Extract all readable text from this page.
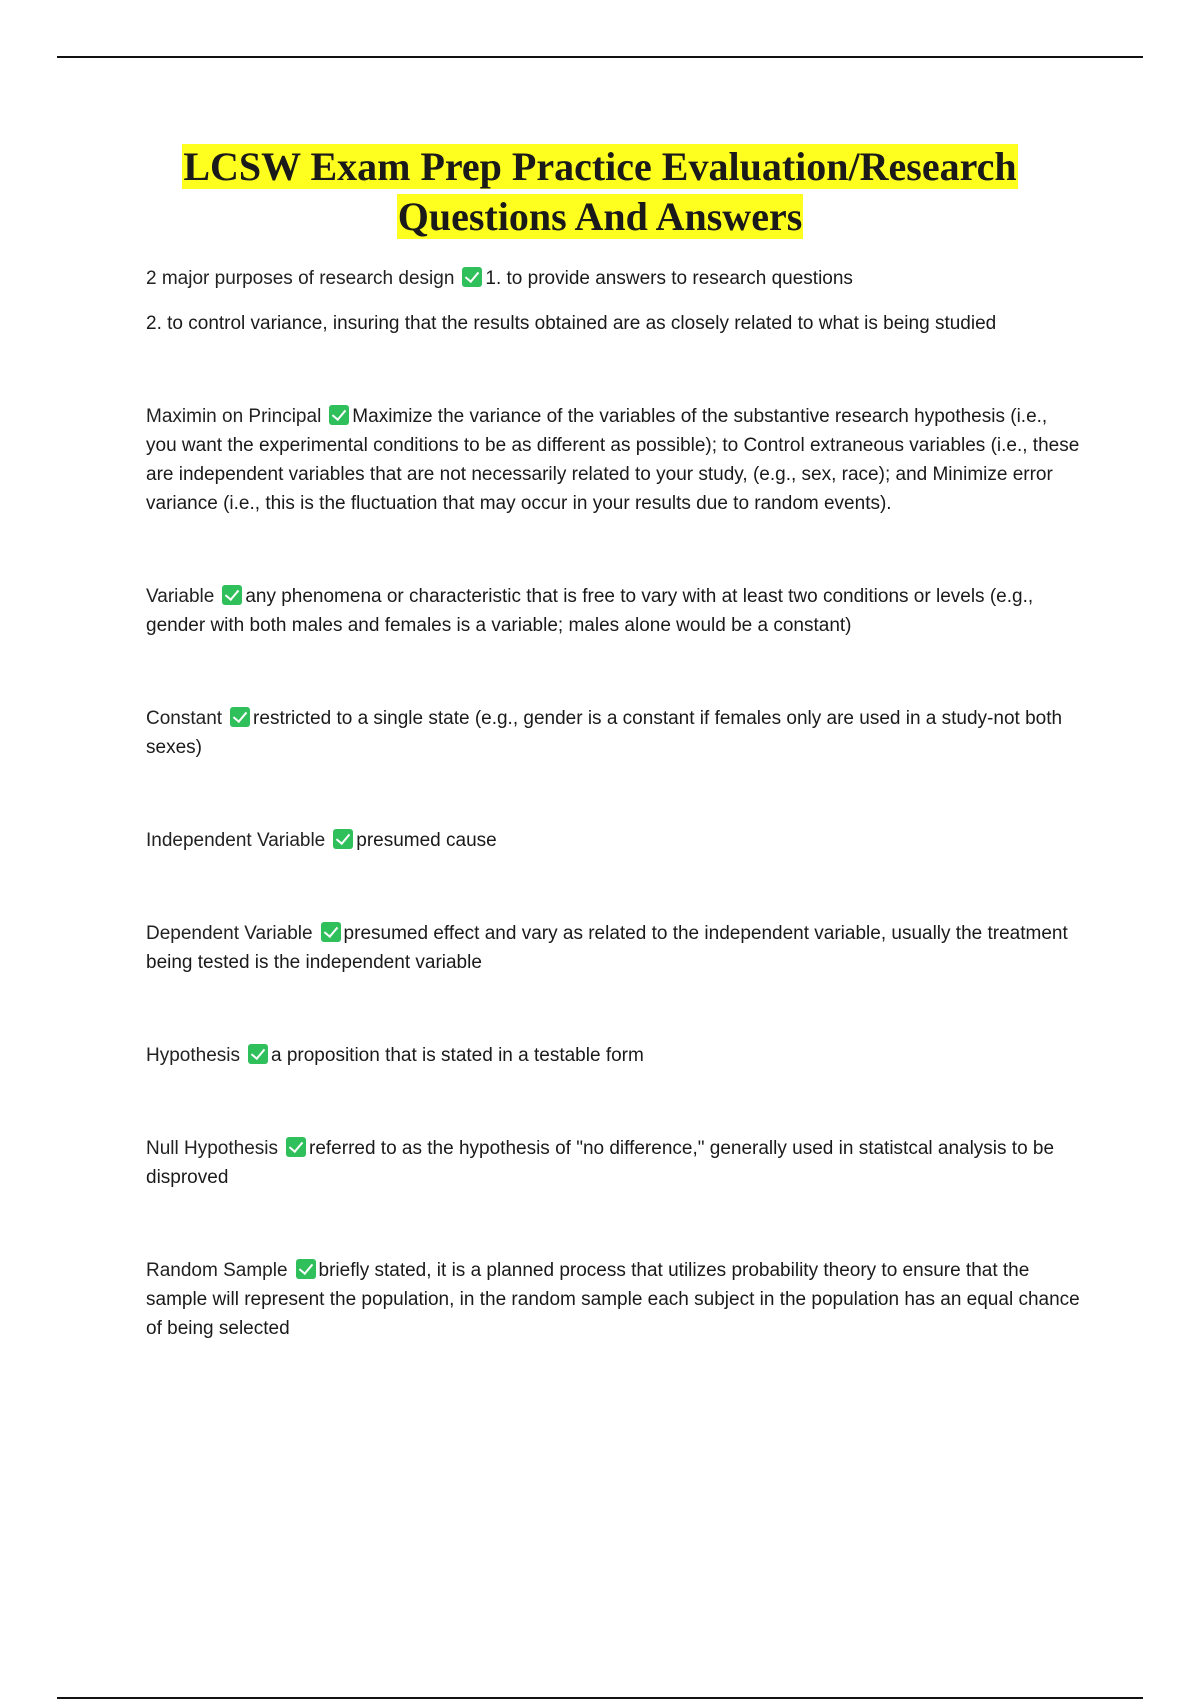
LCSW Exam Prep Practice Evaluation/Research
Questions And Answers

2 major purposes of research design 1. to provide answers to research questions

2. to control variance, insuring that the results obtained are as closely related to what is being studied

Maximin on Principal Maximize the variance of the variables of the substantive research hypothesis (i.e., you want the experimental conditions to be as different as possible); to Control extraneous variables (i.e., these are independent variables that are not necessarily related to your study, (e.g., sex, race); and Minimize error variance (i.e., this is the fluctuation that may occur in your results due to random events).

Variable any phenomena or characteristic that is free to vary with at least two conditions or levels (e.g., gender with both males and females is a variable; males alone would be a constant)

Constant restricted to a single state (e.g., gender is a constant if females only are used in a study-not both sexes)

Independent Variable presumed cause

Dependent Variable presumed effect and vary as related to the independent variable, usually the treatment being tested is the independent variable

Hypothesis a proposition that is stated in a testable form

Null Hypothesis referred to as the hypothesis of "no difference," generally used in statistcal analysis to be disproved

Random Sample briefly stated, it is a planned process that utilizes probability theory to ensure that the sample will represent the population, in the random sample each subject in the population has an equal chance of being selected
